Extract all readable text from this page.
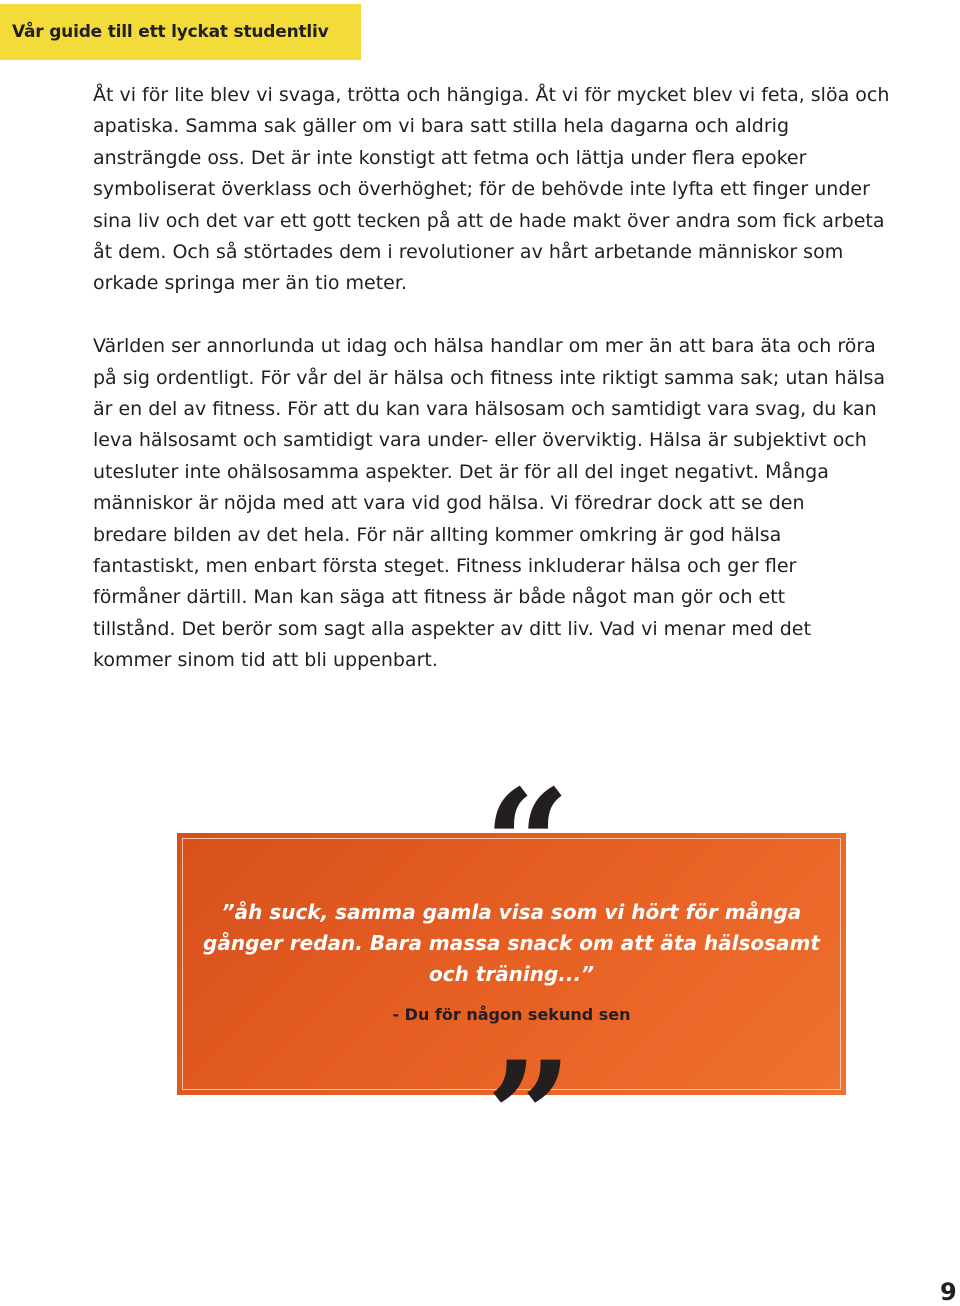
Vår guide till ett lyckat studentliv

Åt vi för lite blev vi svaga, trötta och hängiga. Åt vi för mycket blev vi feta, slöa och
apatiska. Samma sak gäller om vi bara satt stilla hela dagarna och aldrig
ansträngde oss. Det är inte konstigt att fetma och lättja under flera epoker
symboliserat överklass och överhöghet; för de behövde inte lyfta ett finger under
sina liv och det var ett gott tecken på att de hade makt över andra som fick arbeta
åt dem. Och så störtades dem i revolutioner av hårt arbetande människor som
orkade springa mer än tio meter.

Världen ser annorlunda ut idag och hälsa handlar om mer än att bara äta och röra
på sig ordentligt. För vår del är hälsa och fitness inte riktigt samma sak; utan hälsa
är en del av fitness. För att du kan vara hälsosam och samtidigt vara svag, du kan
leva hälsosamt och samtidigt vara under- eller överviktig. Hälsa är subjektivt och
utesluter inte ohälsosamma aspekter. Det är för all del inget negativt. Många
människor är nöjda med att vara vid god hälsa. Vi föredrar dock att se den
bredare bilden av det hela. För när allting kommer omkring är god hälsa
fantastiskt, men enbart första steget. Fitness inkluderar hälsa och ger fler
förmåner därtill. Man kan säga att fitness är både något man gör och ett
tillstånd. Det berör som sagt alla aspekter av ditt liv. Vad vi menar med det
kommer sinom tid att bli uppenbart.

”åh suck, samma gamla visa som vi hört för många
gånger redan. Bara massa snack om att äta hälsosamt
och träning...”
- Du för någon sekund sen
“
”
9
